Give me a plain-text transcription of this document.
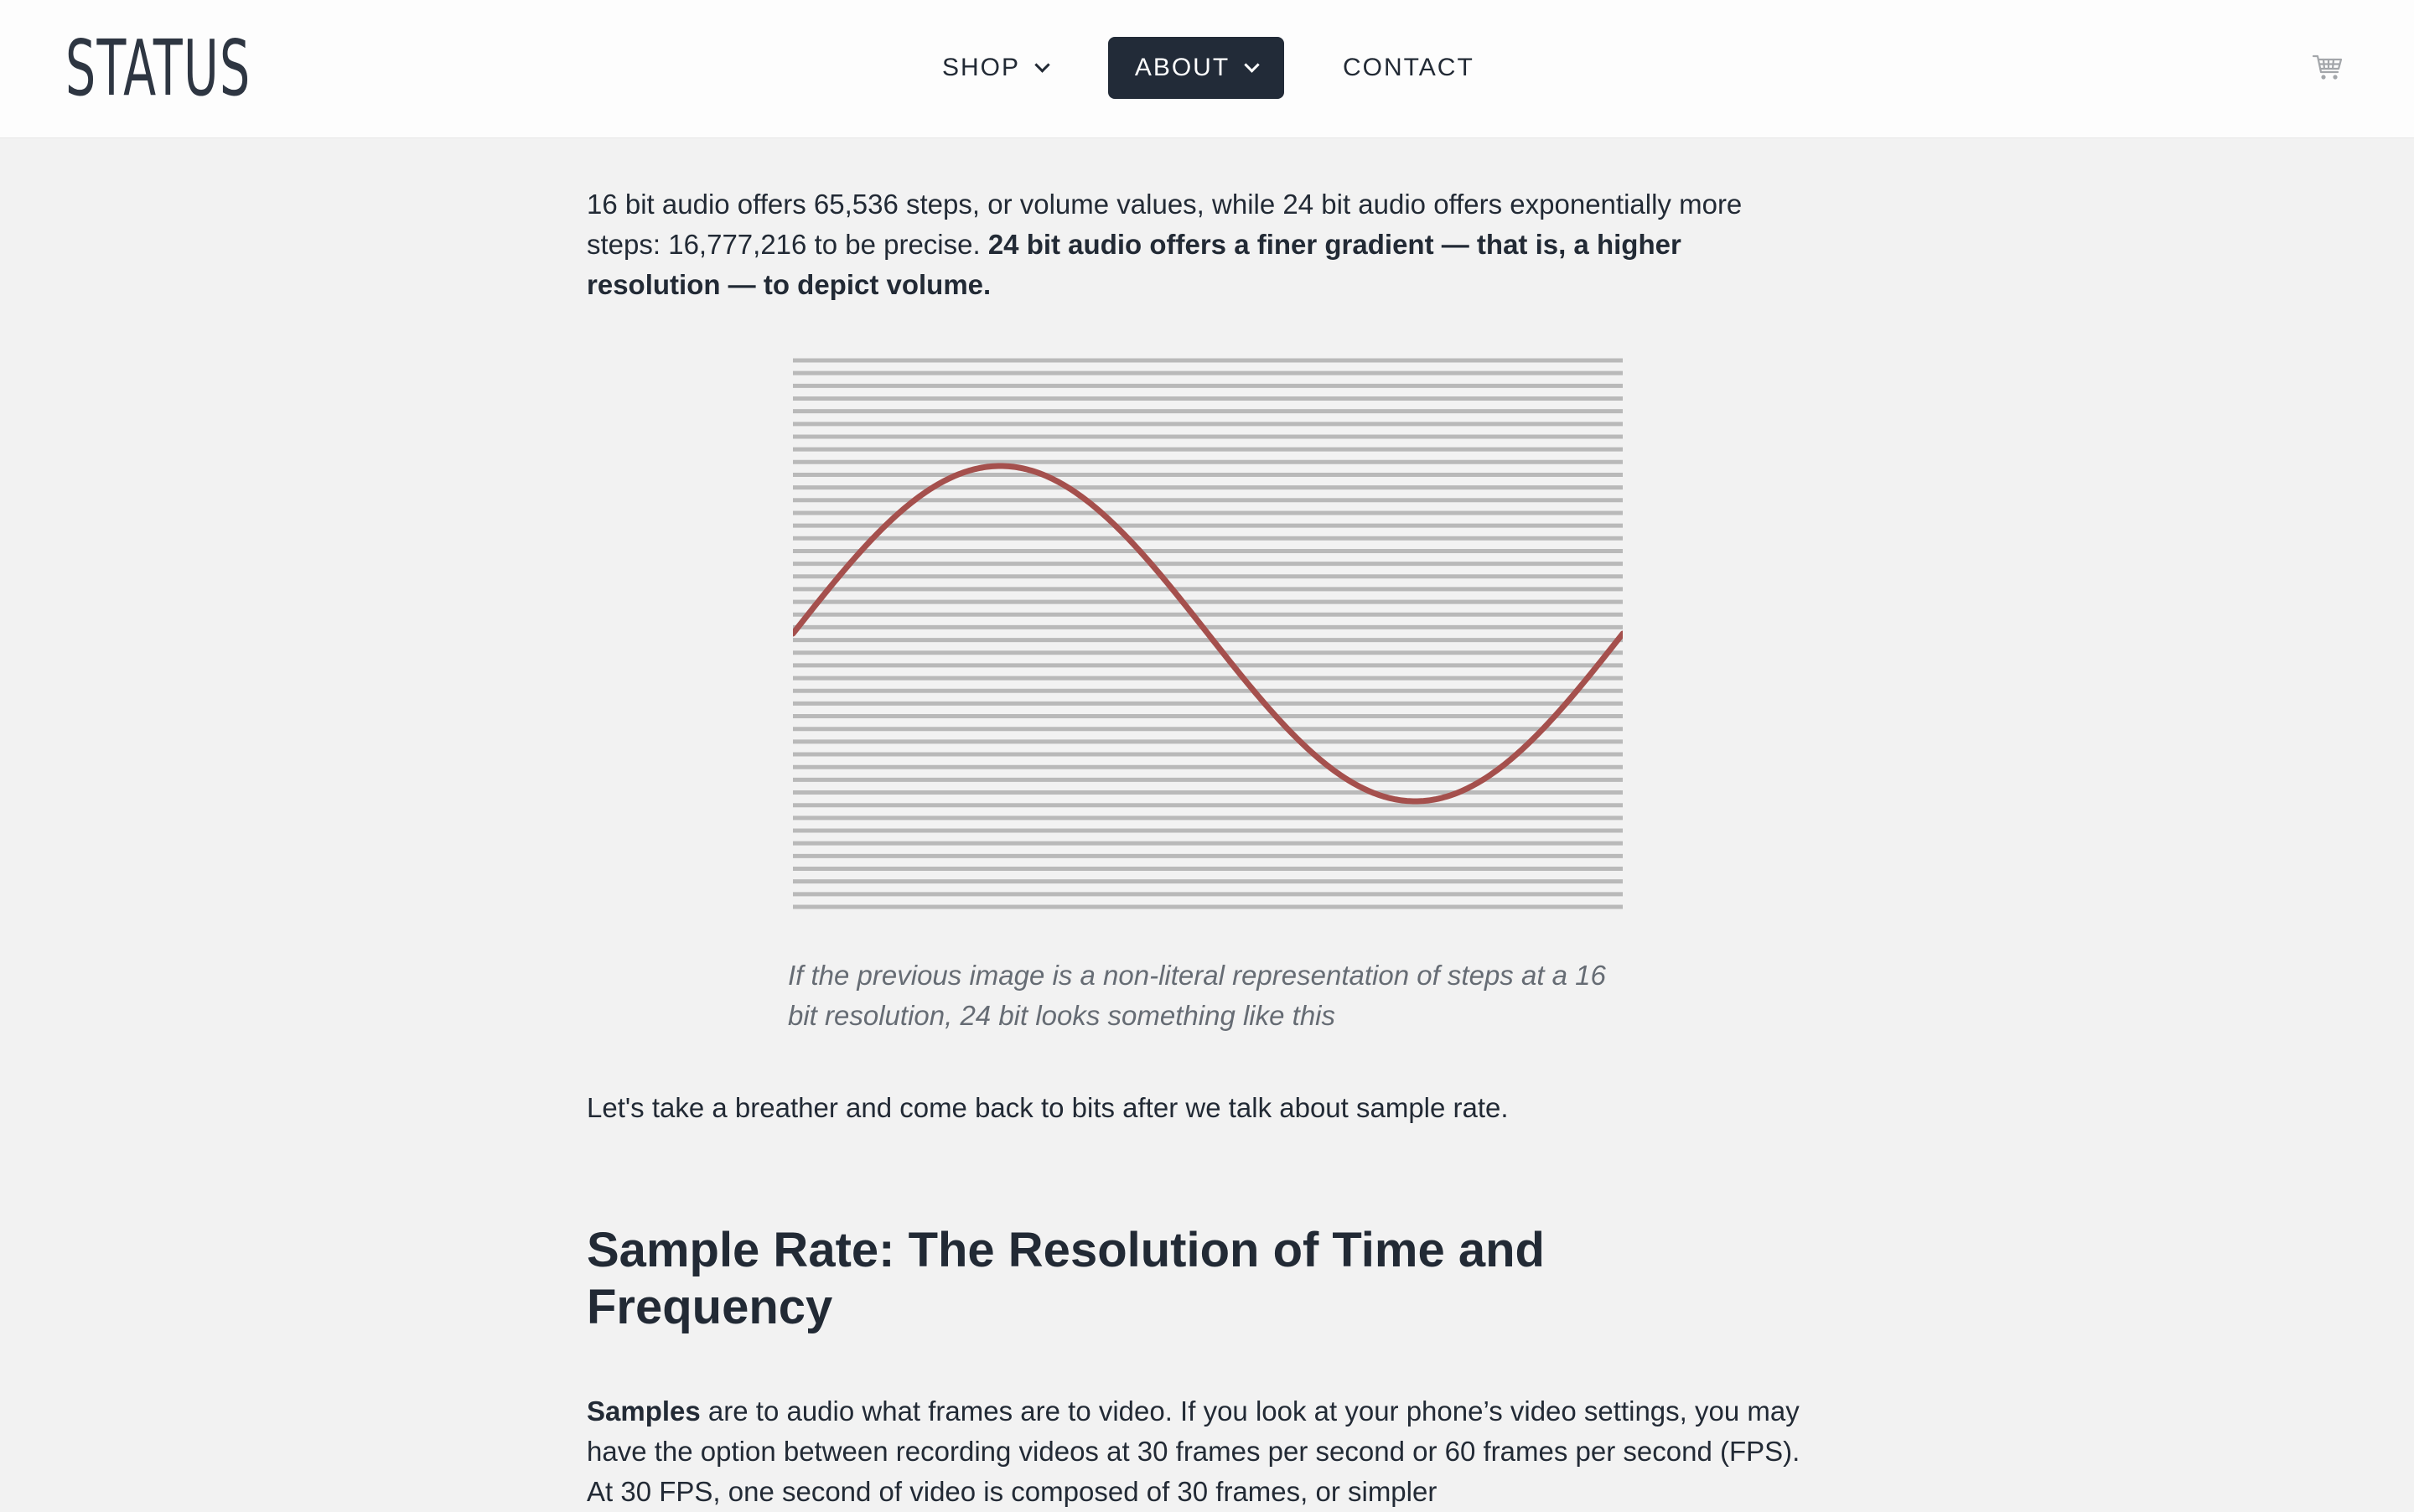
STATUS	SHOP	ABOUT	CONTACT

16 bit audio offers 65,536 steps, or volume values, while 24 bit audio offers exponentially more steps: 16,777,216 to be precise. 24 bit audio offers a finer gradient — that is, a higher resolution — to depict volume.

If the previous image is a non-literal representation of steps at a 16 bit resolution, 24 bit looks something like this

Let's take a breather and come back to bits after we talk about sample rate.

Sample Rate: The Resolution of Time and Frequency

Samples are to audio what frames are to video. If you look at your phone’s video settings, you may have the option between recording videos at 30 frames per second or 60 frames per second (FPS). At 30 FPS, one second of video is composed of 30 frames, or simpler
